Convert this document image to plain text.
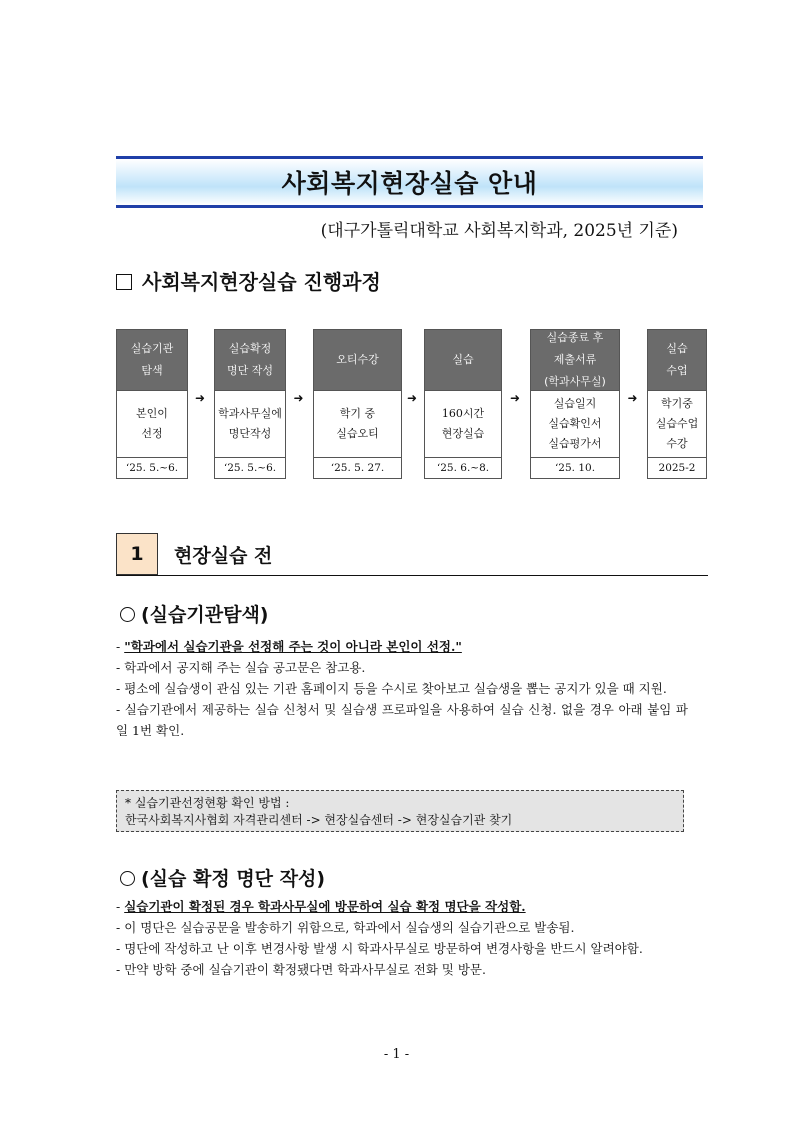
사회복지현장실습 안내
(대구가톨릭대학교 사회복지학과, 2025년 기준)
사회복지현장실습 진행과정
실습기관
탐색
본인이
선정
‘25. 5.~6.
➜
실습확정
명단 작성
학과사무실에
명단작성
‘25. 5.~6.
➜
오티수강
학기 중
실습오티
‘25. 5. 27.
➜
실습
160시간
현장실습
‘25. 6.~8.
➜
실습종료 후
제출서류
(학과사무실)
실습일지
실습확인서
실습평가서
‘25. 10.
➜
실습
수업
학기중
실습수업
수강
2025-2
1	현장실습 전
(실습기관탐색)

- "학과에서 실습기관을 선정해 주는 것이 아니라 본인이 선정."

- 학과에서 공지해 주는 실습 공고문은 참고용.

- 평소에 실습생이 관심 있는 기관 홈페이지 등을 수시로 찾아보고 실습생을 뽑는 공지가 있을 때 지원.

- 실습기관에서 제공하는 실습 신청서 및 실습생 프로파일을 사용하여 실습 신청. 없을 경우 아래 붙임 파일 1번 확인.

* 실습기관선정현황 확인 방법 :
한국사회복지사협회 자격관리센터 -> 현장실습센터 -> 현장실습기관 찾기
(실습 확정 명단 작성)

- 실습기관이 확정된 경우 학과사무실에 방문하여 실습 확정 명단을 작성함.

- 이 명단은 실습공문을 발송하기 위함으로, 학과에서 실습생의 실습기관으로 발송됨.

- 명단에 작성하고 난 이후 변경사항 발생 시 학과사무실로 방문하여 변경사항을 반드시 알려야함.

- 만약 방학 중에 실습기관이 확정됐다면 학과사무실로 전화 및 방문.

- 1 -
